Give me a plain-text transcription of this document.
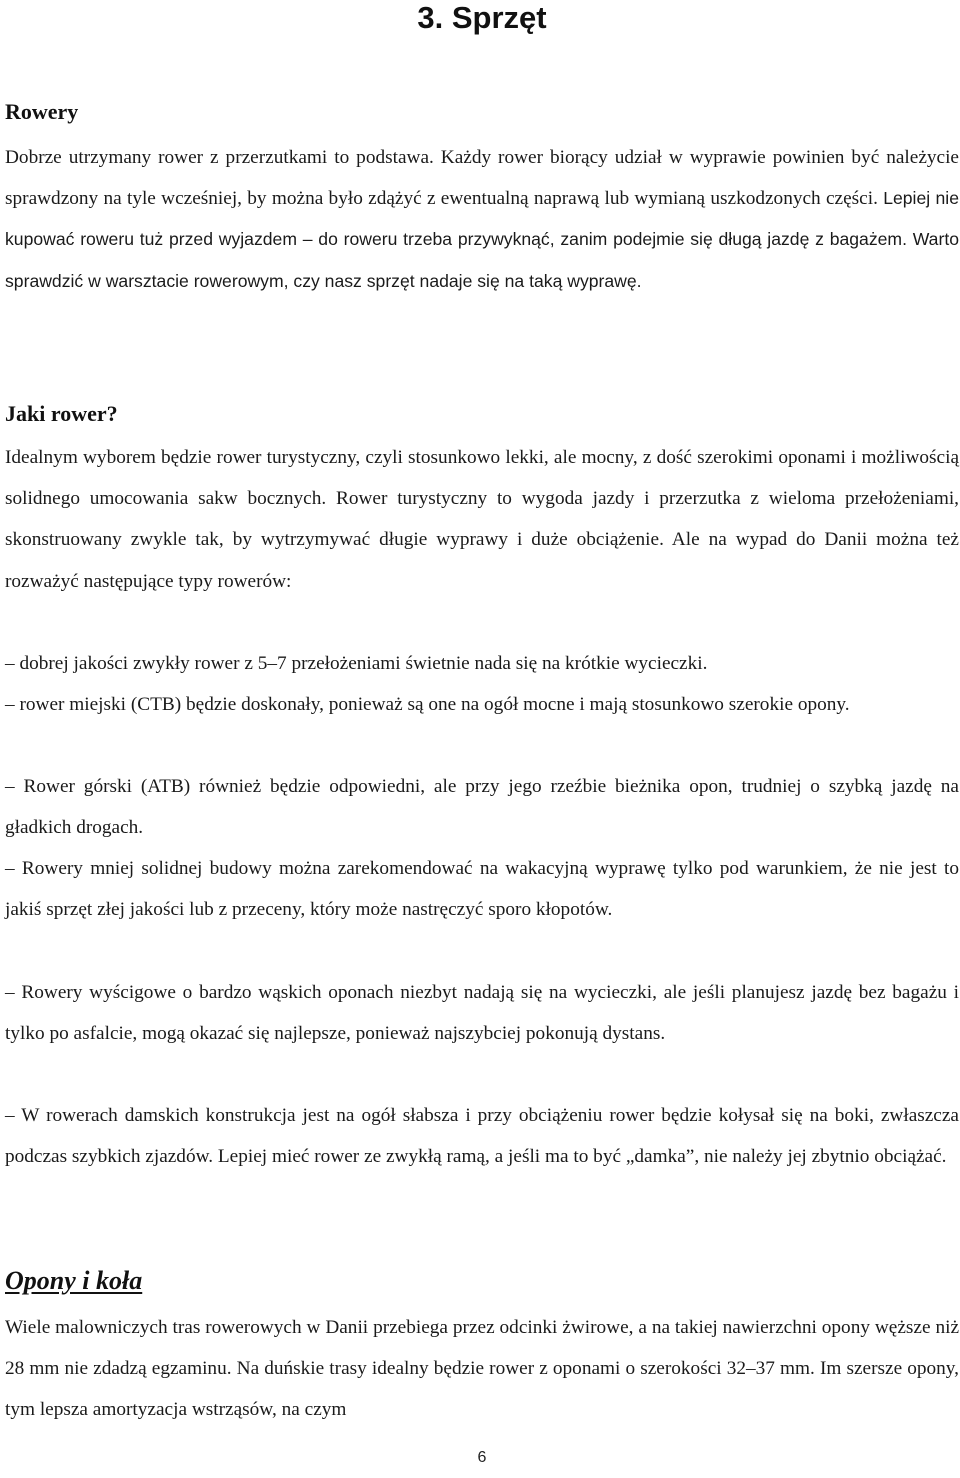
3. Sprzęt
Rowery

Dobrze utrzymany rower z przerzutkami to podstawa. Każdy rower biorący udział w wyprawie powinien być należycie sprawdzony na tyle wcześniej, by można było zdążyć z ewentualną naprawą lub wymianą uszkodzonych części. Lepiej nie kupować roweru tuż przed wyjazdem – do roweru trzeba przywyknąć, zanim podejmie się długą jazdę z bagażem. Warto sprawdzić w warsztacie rowerowym, czy nasz sprzęt nadaje się na taką wyprawę.

Jaki rower?

Idealnym wyborem będzie rower turystyczny, czyli stosunkowo lekki, ale mocny, z dość szerokimi oponami i możliwością solidnego umocowania sakw bocznych. Rower turystyczny to wygoda jazdy i przerzutka z wieloma przełożeniami, skonstruowany zwykle tak, by wytrzymywać długie wyprawy i duże obciążenie. Ale na wypad do Danii można też rozważyć następujące typy rowerów:

– dobrej jakości zwykły rower z 5–7 przełożeniami świetnie nada się na krótkie wycieczki.

– rower miejski (CTB) będzie doskonały, ponieważ są one na ogół mocne i mają stosunkowo szerokie opony.

– Rower górski (ATB) również będzie odpowiedni, ale przy jego rzeźbie bieżnika opon, trudniej o szybką jazdę na gładkich drogach.

– Rowery mniej solidnej budowy można zarekomendować na wakacyjną wyprawę tylko pod warunkiem, że nie jest to jakiś sprzęt złej jakości lub z przeceny, który może nastręczyć sporo kłopotów.

– Rowery wyścigowe o bardzo wąskich oponach niezbyt nadają się na wycieczki, ale jeśli planujesz jazdę bez bagażu i tylko po asfalcie, mogą okazać się najlepsze, ponieważ najszybciej pokonują dystans.

– W rowerach damskich konstrukcja jest na ogół słabsza i przy obciążeniu rower będzie kołysał się na boki, zwłaszcza podczas szybkich zjazdów. Lepiej mieć rower ze zwykłą ramą, a jeśli ma to być „damka”, nie należy jej zbytnio obciążać.

Opony i koła

Wiele malowniczych tras rowerowych w Danii przebiega przez odcinki żwirowe, a na takiej nawierzchni opony węższe niż 28 mm nie zdadzą egzaminu. Na duńskie trasy idealny będzie rower z oponami o szerokości 32–37 mm. Im szersze opony, tym lepsza amortyzacja wstrząsów, na czym

6
